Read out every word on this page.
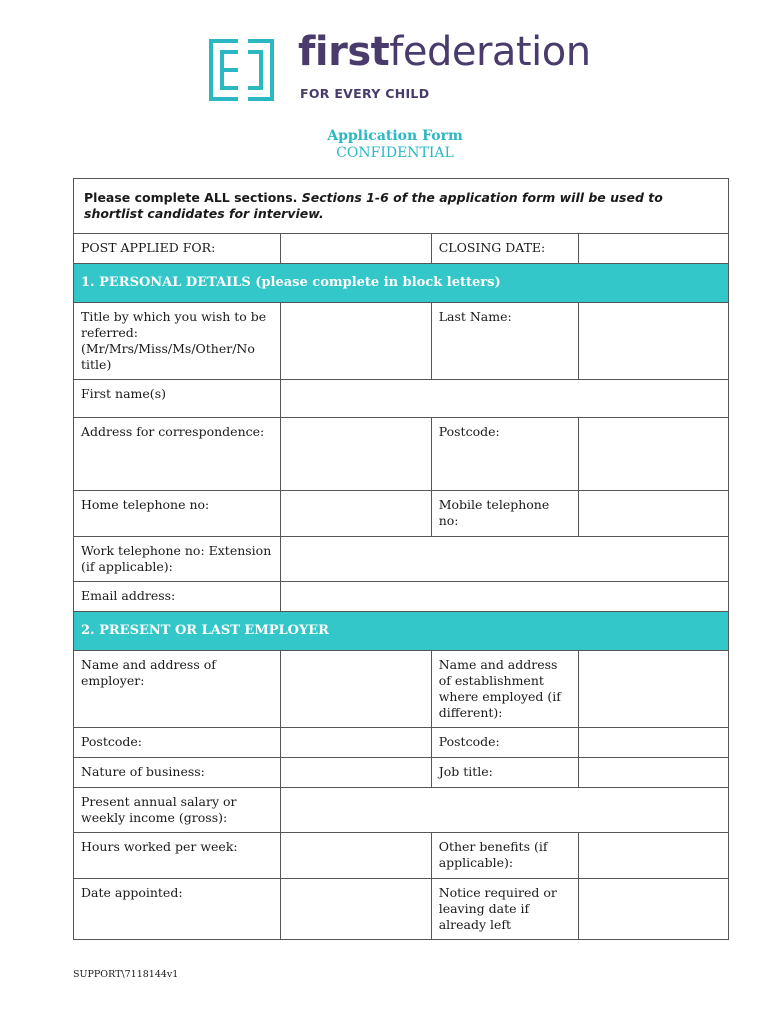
firstfederation
FOR EVERY CHILD
Application Form
CONFIDENTIAL
Please complete ALL sections. Sections 1-6 of the application form will be used to shortlist candidates for interview.			
POST APPLIED FOR:		CLOSING DATE:	
1. PERSONAL DETAILS (please complete in block letters)			
Title by which you wish to be referred: (Mr/Mrs/Miss/Ms/Other/No title)		Last Name:	
First name(s)			
Address for correspondence:		Postcode:	
Home telephone no:		Mobile telephone no:	
Work telephone no: Extension (if applicable):			
Email address:			
2. PRESENT OR LAST EMPLOYER			
Name and address of employer:		Name and address of establishment where employed (if different):	
Postcode:		Postcode:	
Nature of business:		Job title:	
Present annual salary or weekly income (gross):			
Hours worked per week:		Other benefits (if applicable):	
Date appointed:		Notice required or leaving date if already left	
SUPPORT\7118144v1
